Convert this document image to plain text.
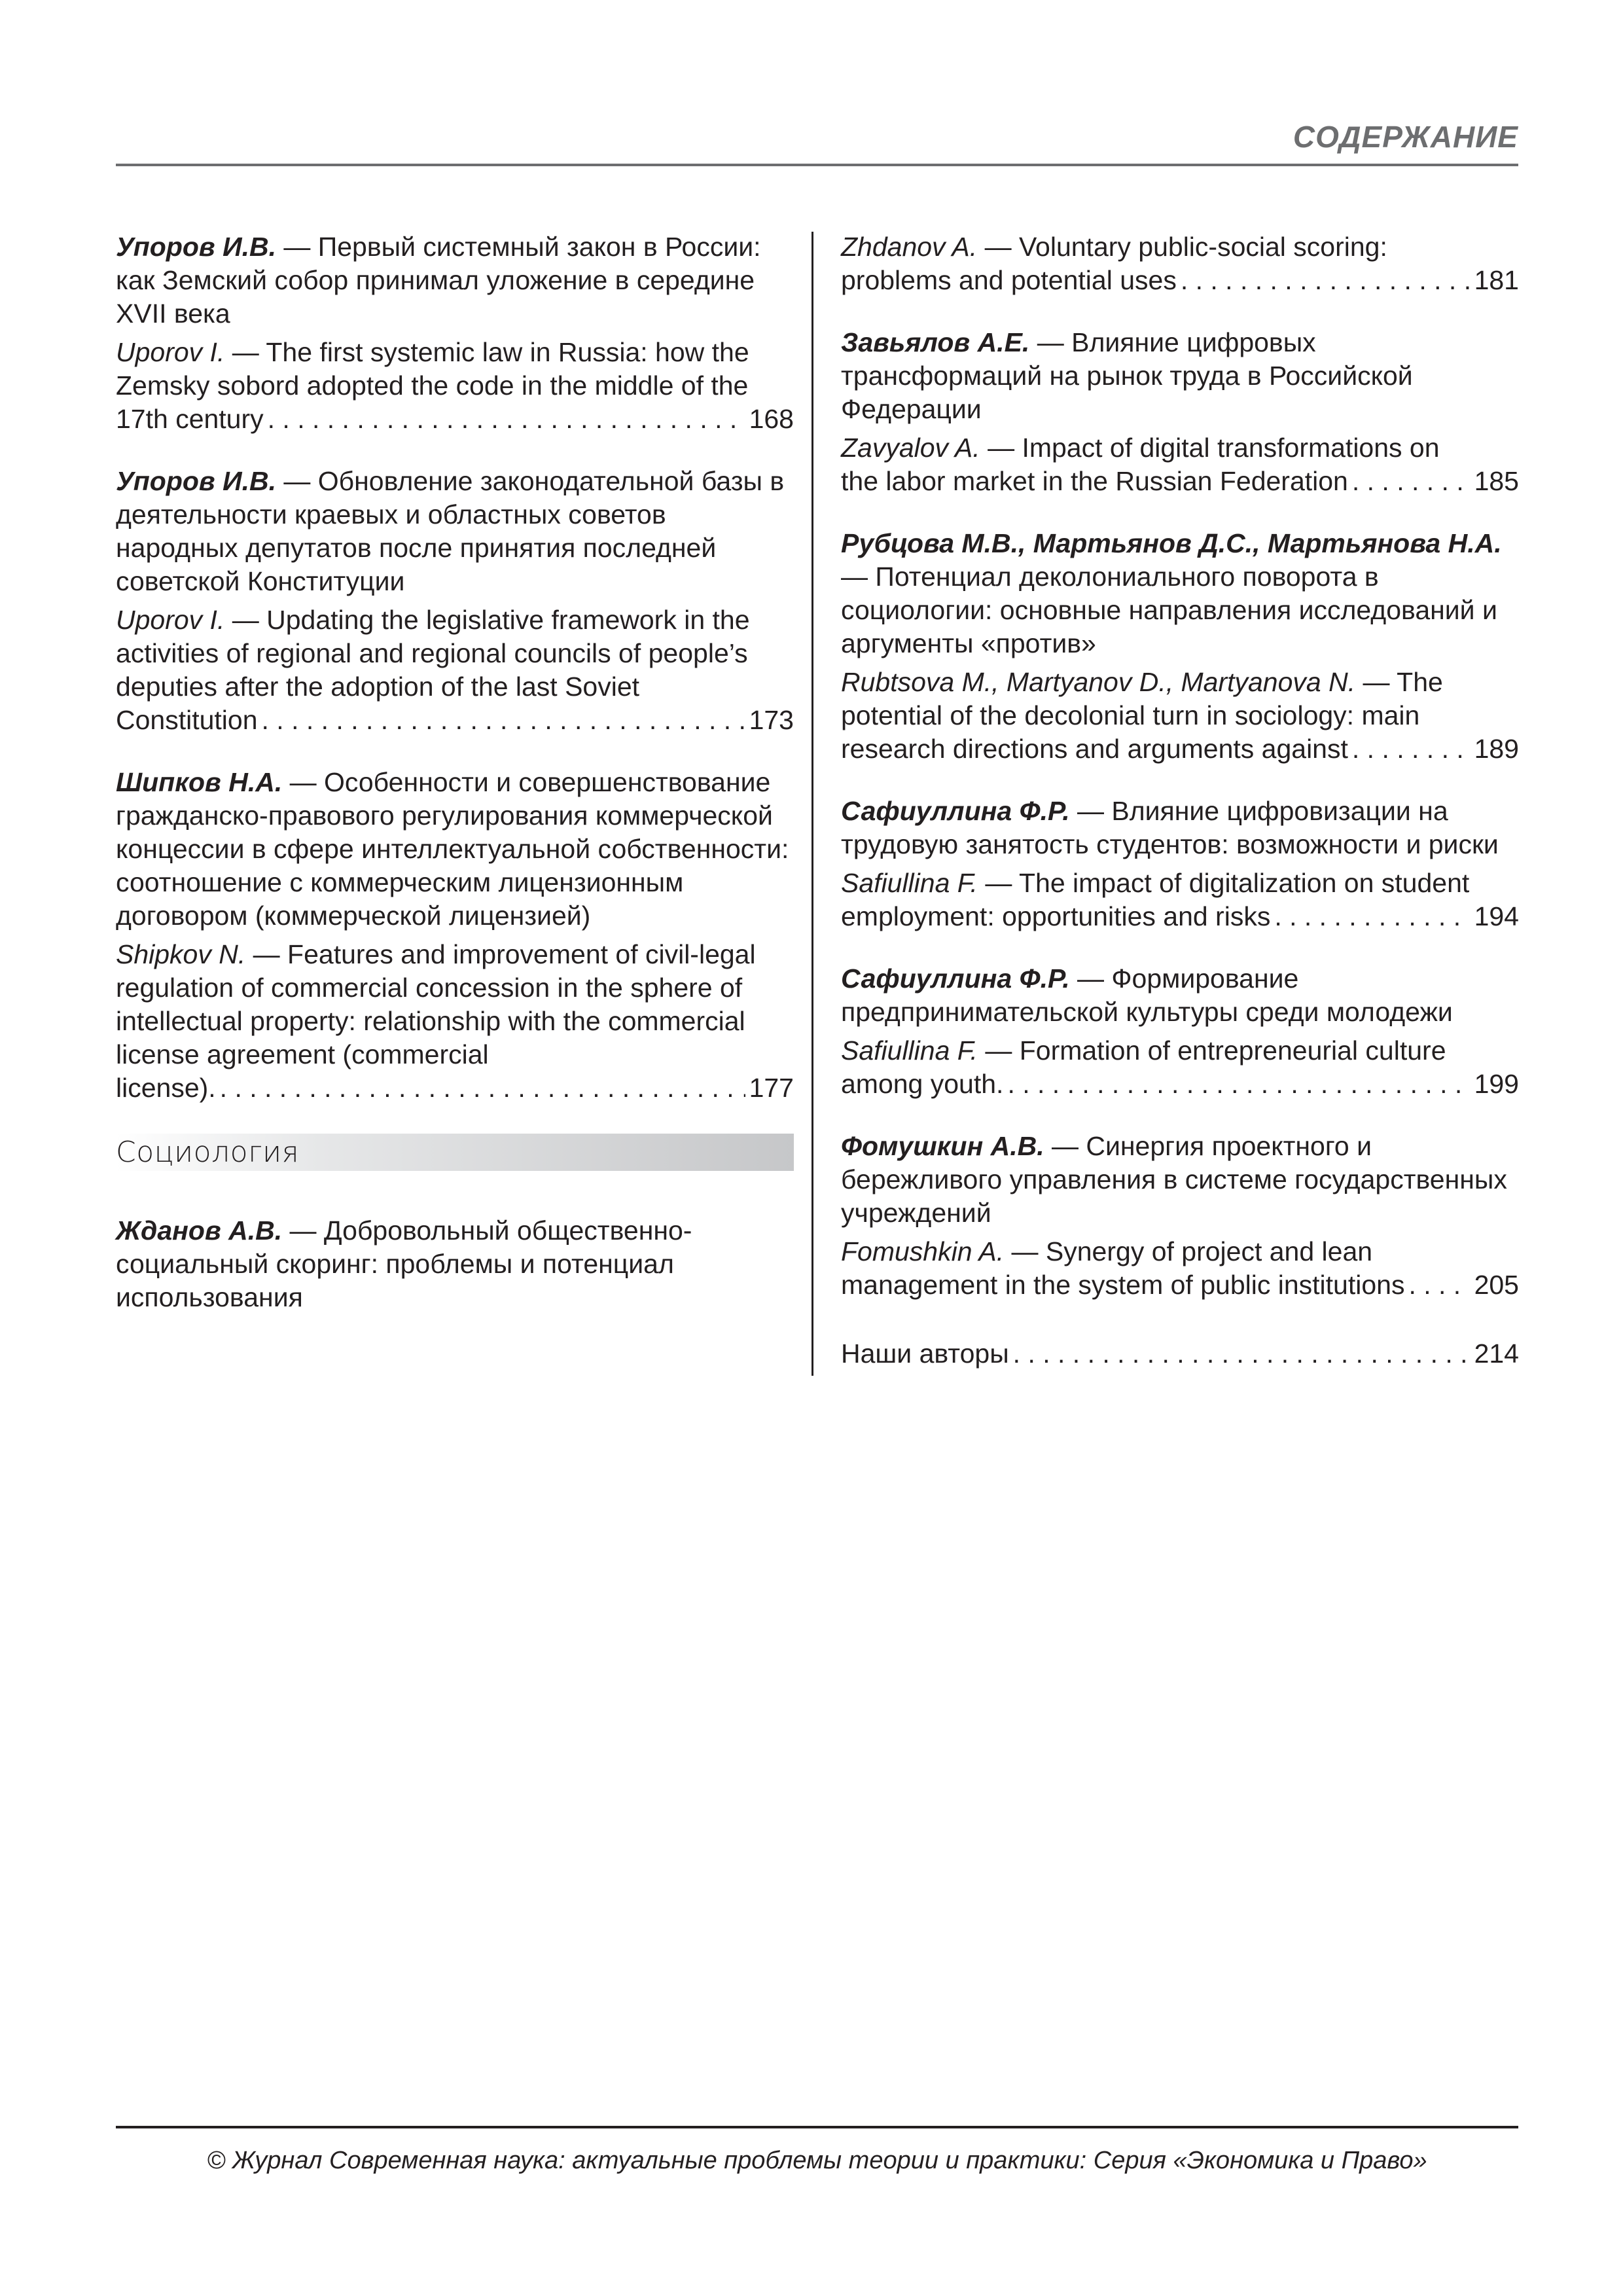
СОДЕРЖАНИЕ
Упоров И.В. — Первый системный закон в России: как Земский собор принимал уложение в середине XVII века
Uporov I. — The first systemic law in Russia: how the Zemsky sobord adopted the code in the middle of the
17th century . . .	168
Упоров И.В. — Обновление законодательной базы в деятельности краевых и областных советов народных депутатов после принятия последней советской Конституции
Uporov I. — Updating the legislative framework in the activities of regional and regional councils of people’s deputies after the adoption of the last Soviet
Constitution . . .	173
Шипков Н.А. — Особенности и совершенствование гражданско-правового регулирования коммерческой концессии в сфере интеллектуальной собственности: соотношение с коммерческим лицензионным договором (коммерческой лицензией)
Shipkov N. — Features and improvement of civil-legal regulation of commercial concession in the sphere of intellectual property: relationship with the commercial license agreement (commercial
license). . . .	177
Социология
Жданов А.В. — Добровольный общественно-социальный скоринг: проблемы и потенциал использования
Zhdanov A. — Voluntary public-social scoring:
problems and potential uses . . .	181
Завьялов А.Е. — Влияние цифровых трансформаций на рынок труда в Российской Федерации
Zavyalov A. — Impact of digital transformations on
the labor market in the Russian Federation . . .	185
Рубцова М.В., Мартьянов Д.С., Мартьянова Н.А. — Потенциал деколониального поворота в социологии: основные направления исследований и аргументы «против»
Rubtsova M., Martyanov D., Martyanova N. — The potential of the decolonial turn in sociology: main
research directions and arguments against . . .	189
Сафиуллина Ф.Р. — Влияние цифровизации на трудовую занятость студентов: возможности и риски
Safiullina F. — The impact of digitalization on student
employment: opportunities and risks . . .	194
Сафиуллина Ф.Р. — Формирование предпринимательской культуры среди молодежи
Safiullina F. — Formation of entrepreneurial culture
among youth. . . .	199
Фомушкин А.В. — Синергия проектного и бережливого управления в системе государственных учреждений
Fomushkin A. — Synergy of project and lean
management in the system of public institutions . . .	205
Наши авторы . . .	214
© Журнал Современная наука: актуальные проблемы теории и практики: Серия «Экономика и Право»
